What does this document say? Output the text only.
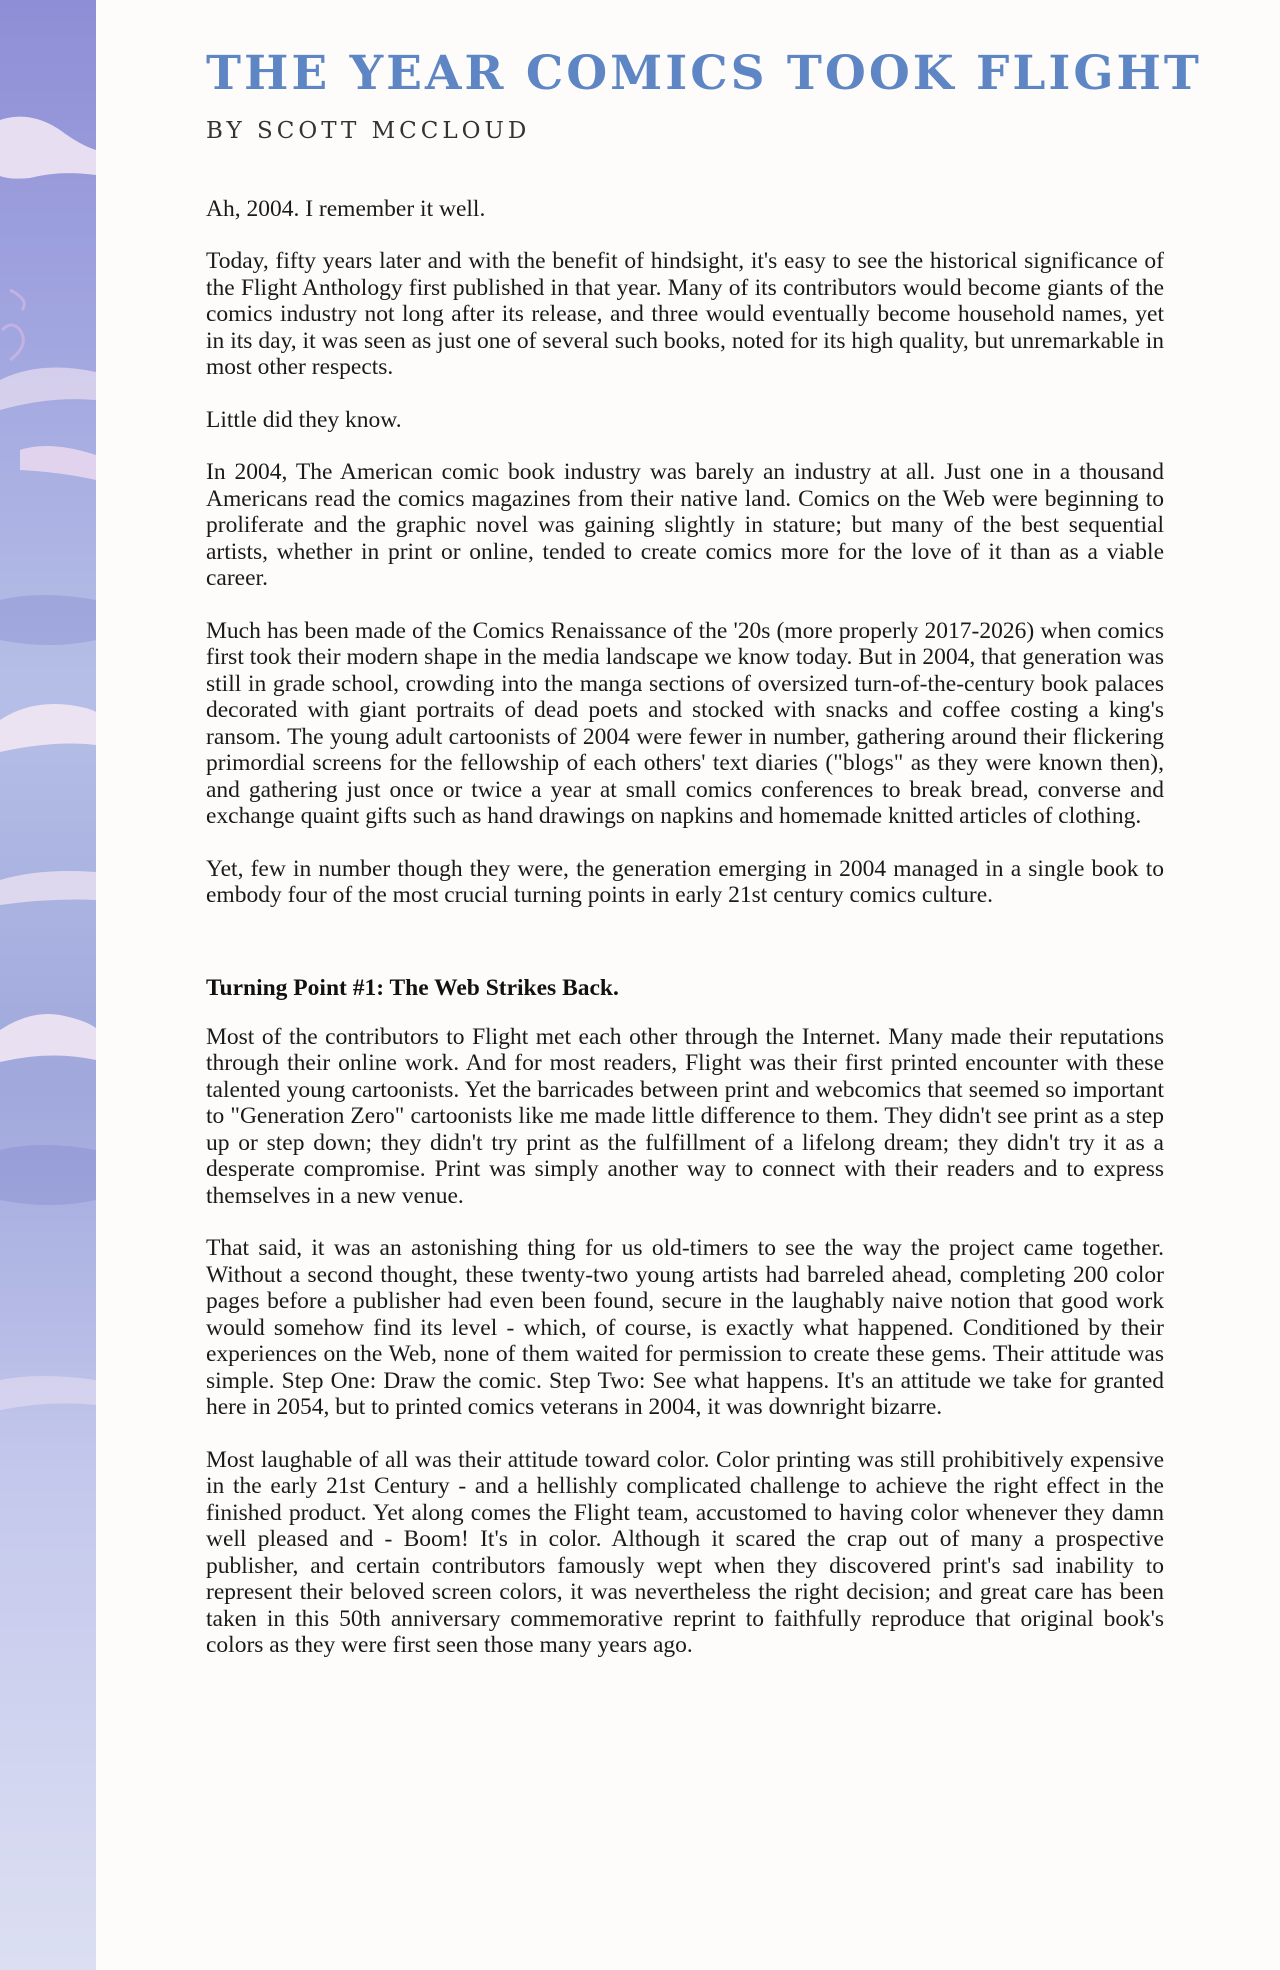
THE YEAR COMICS TOOK FLIGHT
BY SCOTT MCCLOUD

Ah, 2004. I remember it well.

Today, fifty years later and with the benefit of hindsight, it's easy to see the historical significance of the Flight Anthology first published in that year. Many of its contributors would become giants of the comics industry not long after its release, and three would eventually become household names, yet in its day, it was seen as just one of several such books, noted for its high quality, but unremarkable in most other respects.

Little did they know.

In 2004, The American comic book industry was barely an industry at all. Just one in a thousand Americans read the comics magazines from their native land. Comics on the Web were beginning to proliferate and the graphic novel was gaining slightly in stature; but many of the best sequential artists, whether in print or online, tended to create comics more for the love of it than as a viable career.

Much has been made of the Comics Renaissance of the '20s (more properly 2017-2026) when comics first took their modern shape in the media landscape we know today. But in 2004, that generation was still in grade school, crowding into the manga sections of oversized turn-of-the-century book palaces decorated with giant portraits of dead poets and stocked with snacks and coffee costing a king's ransom. The young adult cartoonists of 2004 were fewer in number, gathering around their flickering primordial screens for the fellowship of each others' text diaries ("blogs" as they were known then), and gathering just once or twice a year at small comics conferences to break bread, converse and exchange quaint gifts such as hand drawings on napkins and homemade knitted articles of clothing.

Yet, few in number though they were, the generation emerging in 2004 managed in a single book to embody four of the most crucial turning points in early 21st century comics culture.

Turning Point #1: The Web Strikes Back.

Most of the contributors to Flight met each other through the Internet. Many made their reputations through their online work. And for most readers, Flight was their first printed encounter with these talented young cartoonists. Yet the barricades between print and webcomics that seemed so important to "Generation Zero" cartoonists like me made little difference to them. They didn't see print as a step up or step down; they didn't try print as the fulfillment of a lifelong dream; they didn't try it as a desperate compromise. Print was simply another way to connect with their readers and to express themselves in a new venue.

That said, it was an astonishing thing for us old-timers to see the way the project came together. Without a second thought, these twenty-two young artists had barreled ahead, completing 200 color pages before a publisher had even been found, secure in the laughably naive notion that good work would somehow find its level - which, of course, is exactly what happened. Conditioned by their experiences on the Web, none of them waited for permission to create these gems. Their attitude was simple. Step One: Draw the comic. Step Two: See what happens. It's an attitude we take for granted here in 2054, but to printed comics veterans in 2004, it was downright bizarre.

Most laughable of all was their attitude toward color. Color printing was still prohibitively expensive in the early 21st Century - and a hellishly complicated challenge to achieve the right effect in the finished product. Yet along comes the Flight team, accustomed to having color whenever they damn well pleased and - Boom! It's in color. Although it scared the crap out of many a prospective publisher, and certain contributors famously wept when they discovered print's sad inability to represent their beloved screen colors, it was nevertheless the right decision; and great care has been taken in this 50th anniversary commemorative reprint to faithfully reproduce that original book's colors as they were first seen those many years ago.
